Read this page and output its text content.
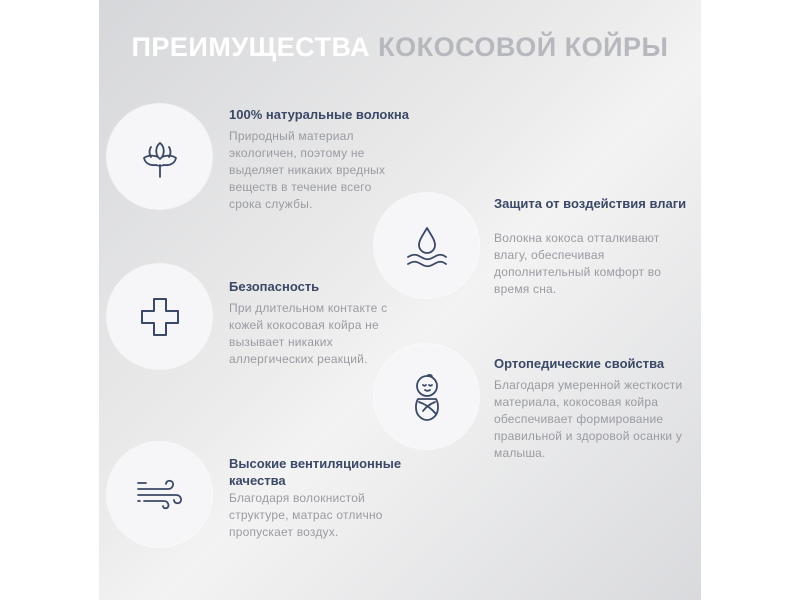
ПРЕИМУЩЕСТВА КОКОСОВОЙ КОЙРЫ
100% натуральные волокна
Природный материал экологичен, поэтому не выделяет никаких вредных веществ в течение всего срока службы.	Защита от воздействия влаги
Волокна кокоса отталкивают влагу, обеспечивая дополнительный комфорт во время сна.
Безопасность
При длительном контакте с кожей кокосовая койра не вызывает никаких аллергических реакций.	Ортопедические свойства
Благодаря умеренной жесткости материала, кокосовая койра обеспечивает формирование правильной и здоровой осанки у малыша.
Высокие вентиляционные качества
Благодаря волокнистой структуре, матрас отлично пропускает воздух.
